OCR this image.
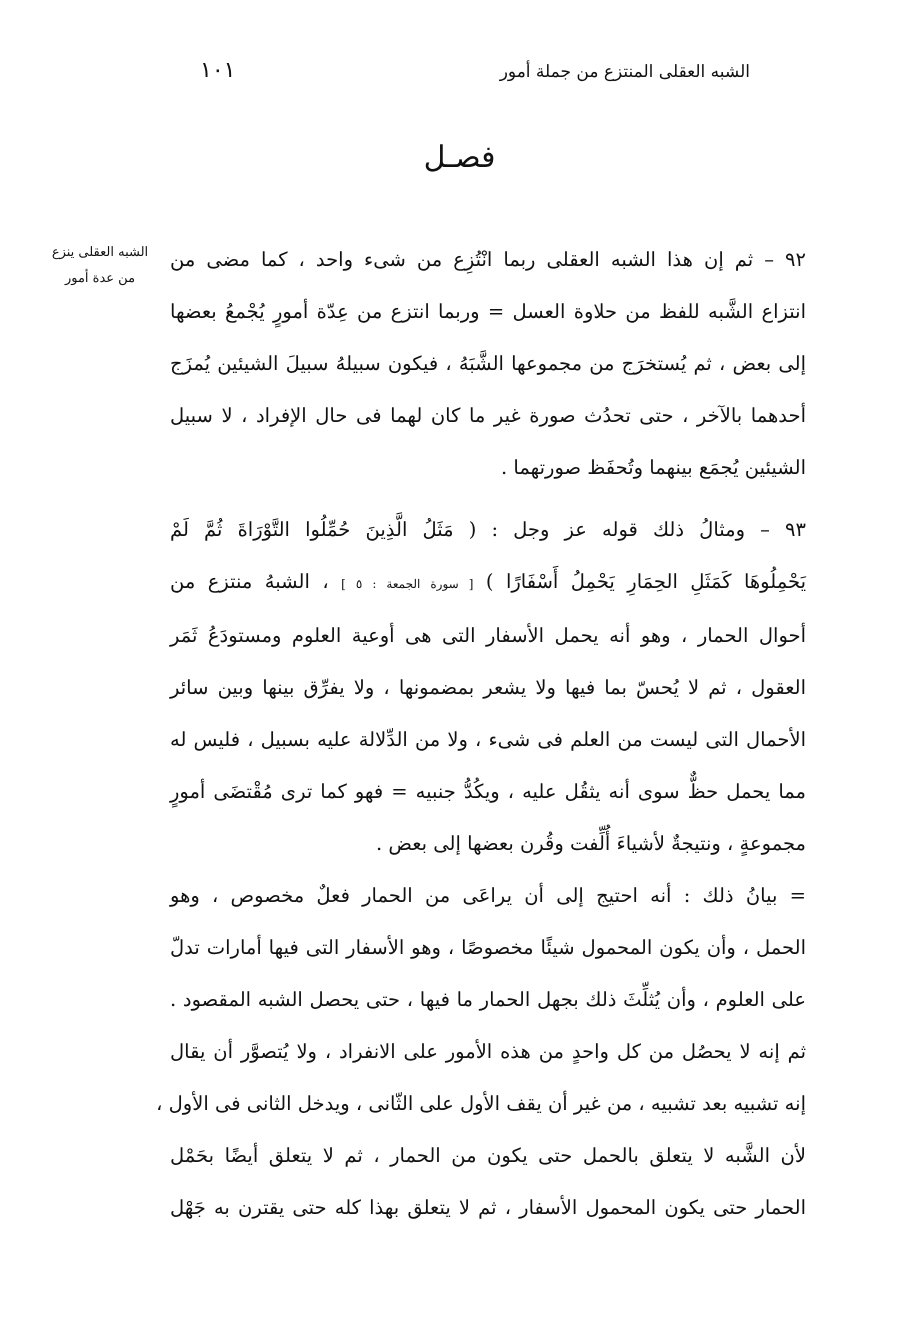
الشبه العقلى المنتزع من جملة أمور
١٠١
فصـل
الشبه العقلى ينزع
من عدة أمور
٩٢ – ثم إن هذا الشبه العقلى ربما انْتُزِع من شىء واحد ، كما مضى من
انتزاع الشَّبه للفظ من حلاوة العسل = وربما انتزع من عِدّة أمورٍ يُجْمعُ بعضها
إلى بعض ، ثم يُستخرَج من مجموعها الشَّبَهُ ، فيكون سبيلهُ سبيلَ الشيئين يُمزَج
أحدهما بالآخر ، حتى تحدُث صورة غير ما كان لهما فى حال الإفراد ، لا سبيل
الشيئين يُجمَع بينهما وتُحفَظ صورتهما .
٩٣ – ومثالُ ذلك قوله عز وجل : ( مَثَلُ الَّذِينَ حُمِّلُوا التَّوْرَاةَ ثُمَّ لَمْ
يَحْمِلُوهَا كَمَثَلِ الحِمَارِ يَحْمِلُ أَسْفَارًا ) [ سورة الجمعة : ٥ ] ، الشبهُ منتزع من
أحوال الحمار ، وهو أنه يحمل الأسفار التى هى أوعية العلوم ومستودَعُ ثَمَر
العقول ، ثم لا يُحسّ بما فيها ولا يشعر بمضمونها ، ولا يفرِّق بينها وبين سائر
الأحمال التى ليست من العلم فى شىء ، ولا من الدِّلالة عليه بسبيل ، فليس له
مما يحمل حظٌّ سوى أنه يثقُل عليه ، ويكُدُّ جنبيه = فهو كما ترى مُقْتضَى أمورٍ
مجموعةٍ ، ونتيجةٌ لأشياءَ أُلِّفت وقُرن بعضها إلى بعض .
= بيانُ ذلك : أنه احتيج إلى أن يراعَى من الحمار فعلٌ مخصوص ، وهو
الحمل ، وأن يكون المحمول شيئًا مخصوصًا ، وهو الأسفار التى فيها أمارات تدلّ
على العلوم ، وأن يُثلِّثَ ذلك بجهل الحمار ما فيها ، حتى يحصل الشبه المقصود .
ثم إنه لا يحصُل من كل واحدٍ من هذه الأمور على الانفراد ، ولا يُتصوَّر أن يقال
إنه تشبيه بعد تشبيه ، من غير أن يقف الأول على الثّانى ، ويدخل الثانى فى الأول ،
لأن الشَّبه لا يتعلق بالحمل حتى يكون من الحمار ، ثم لا يتعلق أيضًا بحَمْل
الحمار حتى يكون المحمول الأسفار ، ثم لا يتعلق بهذا كله حتى يقترن به جَهْل
